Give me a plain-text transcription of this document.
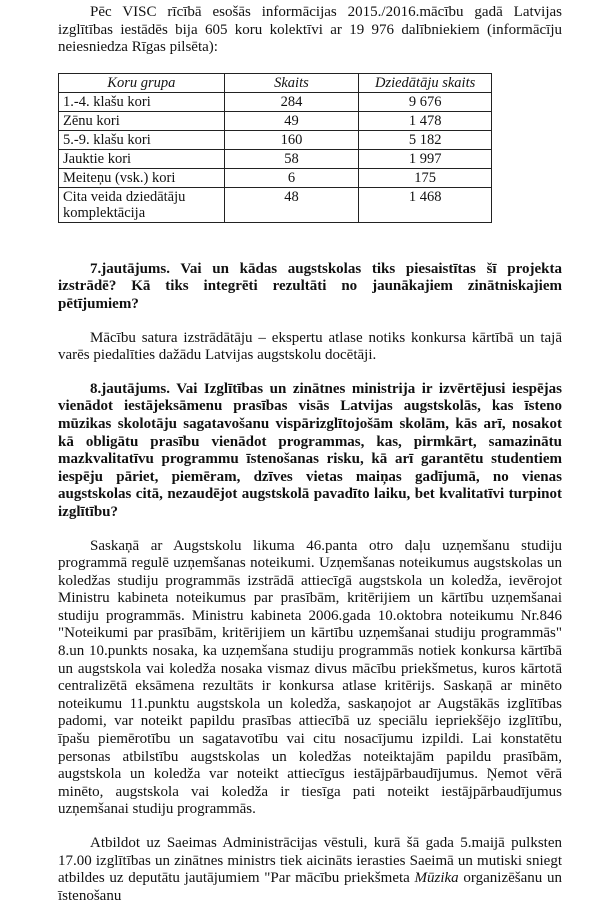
Pēc VISC rīcībā esošās informācijas 2015./2016.mācību gadā Latvijas izglītības iestādēs bija 605 koru kolektīvi ar 19 976 dalībniekiem (informācīju neiesniedza Rīgas pilsēta):

Koru grupa	Skaits	Dziedātāju skaits
1.-4. klašu kori	284	9 676
Zēnu kori	49	1 478
5.-9. klašu kori	160	5 182
Jauktie kori	58	1 997
Meiteņu (vsk.) kori	6	175
Cita veida dziedātāju komplektācija	48	1 468

7.jautājums. Vai un kādas augstskolas tiks piesaistītas šī projekta izstrādē? Kā tiks integrēti rezultāti no jaunākajiem zinātniskajiem pētījumiem?

Mācību satura izstrādātāju – ekspertu atlase notiks konkursa kārtībā un tajā varēs piedalīties dažādu Latvijas augstskolu docētāji.

8.jautājums. Vai Izglītības un zinātnes ministrija ir izvērtējusi iespējas vienādot iestājeksāmenu prasības visās Latvijas augstskolās, kas īsteno mūzikas skolotāju sagatavošanu vispārizglītojošām skolām, kās arī, nosakot kā obligātu prasību vienādot programmas, kas, pirmkārt, samazinātu mazkvalitatīvu programmu īstenošanas risku, kā arī garantētu studentiem iespēju pāriet, piemēram, dzīves vietas maiņas gadījumā, no vienas augstskolas citā, nezaudējot augstskolā pavadīto laiku, bet kvalitatīvi turpinot izglītību?

Saskaņā ar Augstskolu likuma 46.panta otro daļu uzņemšanu studiju programmā regulē uzņemšanas noteikumi. Uzņemšanas noteikumus augstskolas un koledžas studiju programmās izstrādā attiecīgā augstskola un koledža, ievērojot Ministru kabineta noteikumus par prasībām, kritērijiem un kārtību uzņemšanai studiju programmās. Ministru kabineta 2006.gada 10.oktobra noteikumu Nr.846 "Noteikumi par prasībām, kritērijiem un kārtību uzņemšanai studiju programmās" 8.un 10.punkts nosaka, ka uzņemšana studiju programmās notiek konkursa kārtībā un augstskola vai koledža nosaka vismaz divus mācību priekšmetus, kuros kārtotā centralizētā eksāmena rezultāts ir konkursa atlase kritērijs. Saskaņā ar minēto noteikumu 11.punktu augstskola un koledža, saskaņojot ar Augstākās izglītības padomi, var noteikt papildu prasības attiecībā uz speciālu iepriekšējo izglītību, īpašu piemērotību un sagatavotību vai citu nosacījumu izpildi. Lai konstatētu personas atbilstību augstskolas un koledžas noteiktajām papildu prasībām, augstskola un koledža var noteikt attiecīgus iestājpārbaudījumus. Ņemot vērā minēto, augstskola vai koledža ir tiesīga pati noteikt iestājpārbaudījumus uzņemšanai studiju programmās.

Atbildot uz Saeimas Administrācijas vēstuli, kurā šā gada 5.maijā pulksten 17.00 izglītības un zinātnes ministrs tiek aicināts ierasties Saeimā un mutiski sniegt atbildes uz deputātu jautājumiem "Par mācību priekšmeta Mūzika organizēšanu un īstenošanu
